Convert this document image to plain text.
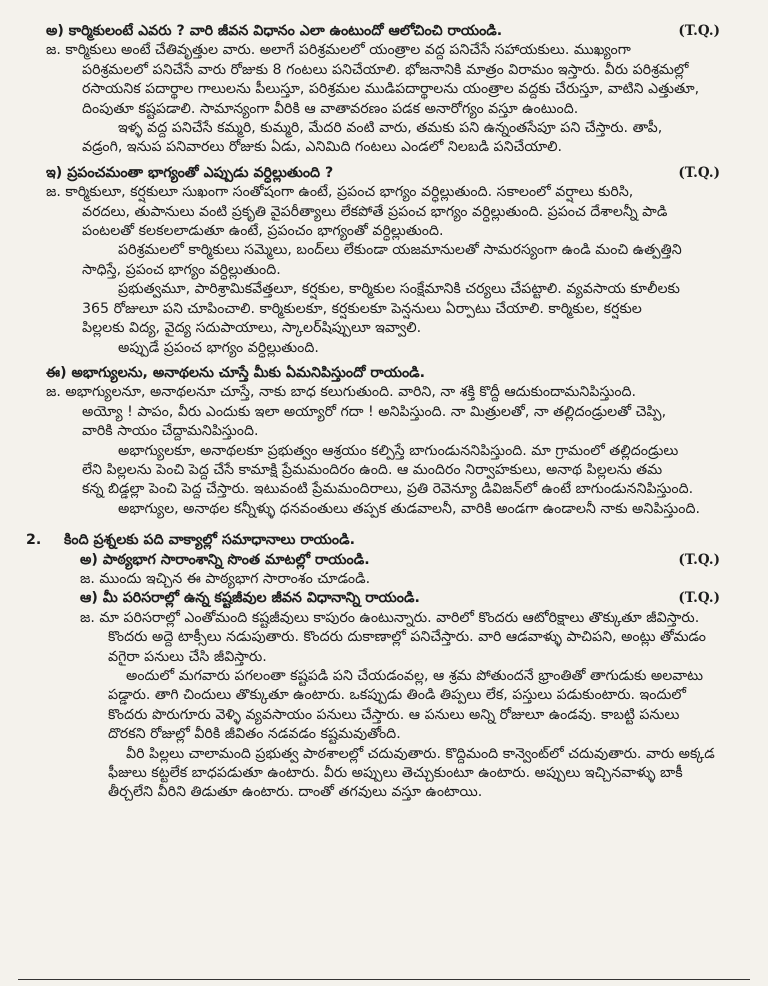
అ) కార్మికులంటే ఎవరు ? వారి జీవన విధానం ఎలా ఉంటుందో ఆలోచించి రాయండి.	(T.Q.)
జ. కార్మికులు అంటే చేతివృత్తుల వారు. అలాగే పరిశ్రమలలో యంత్రాల వద్ద పనిచేసే సహాయకులు. ముఖ్యంగా
పరిశ్రమలలో పనిచేసే వారు రోజుకు 8 గంటలు పనిచేయాలి. భోజనానికి మాత్రం విరామం ఇస్తారు. వీరు పరిశ్రమల్లో
రసాయనిక పదార్థాల గాలులను పీలుస్తూ, పరిశ్రమల ముడిపదార్థాలను యంత్రాల వద్దకు చేరుస్తూ, వాటిని ఎత్తుతూ,
దింపుతూ కష్టపడాలి. సామాన్యంగా వీరికి ఆ వాతావరణం పడక అనారోగ్యం వస్తూ ఉంటుంది.
ఇళ్ళ వద్ద పనిచేసే కమ్మరి, కుమ్మరి, మేదరి వంటి వారు, తమకు పని ఉన్నంతసేపూ పని చేస్తారు. తాపీ,
వడ్రంగి, ఇనుప పనివారలు రోజుకు ఏడు, ఎనిమిది గంటలు ఎండలో నిలబడి పనిచేయాలి.
ఇ) ప్రపంచమంతా భాగ్యంతో ఎప్పుడు వర్ధిల్లుతుంది ?	(T.Q.)
జ. కార్మికులూ, కర్షకులూ సుఖంగా సంతోషంగా ఉంటే, ప్రపంచ భాగ్యం వర్ధిల్లుతుంది. సకాలంలో వర్షాలు కురిసి,
వరదలు, తుపానులు వంటి ప్రకృతి వైపరీత్యాలు లేకపోతే ప్రపంచ భాగ్యం వర్ధిల్లుతుంది. ప్రపంచ దేశాలన్నీ పాడి
పంటలతో కలకలలాడుతూ ఉంటే, ప్రపంచం భాగ్యంతో వర్ధిల్లుతుంది.
పరిశ్రమలలో కార్మికులు సమ్మెలు, బంద్‌లు లేకుండా యజమానులతో సామరస్యంగా ఉండి మంచి ఉత్పత్తిని
సాధిస్తే, ప్రపంచ భాగ్యం వర్ధిల్లుతుంది.
ప్రభుత్వమూ, పారిశ్రామికవేత్తలూ, కర్షకుల, కార్మికుల సంక్షేమానికి చర్యలు చేపట్టాలి. వ్యవసాయ కూలీలకు
365 రోజులూ పని చూపించాలి. కార్మికులకూ, కర్షకులకూ పెన్షనులు ఏర్పాటు చేయాలి. కార్మికుల, కర్షకుల
పిల్లలకు విద్య, వైద్య సదుపాయాలు, స్కాలర్‌షిప్పులూ ఇవ్వాలి.
అప్పుడే ప్రపంచ భాగ్యం వర్ధిల్లుతుంది.
ఈ) అభాగ్యులను, అనాథలను చూస్తే మీకు ఏమనిపిస్తుందో రాయండి.
జ. అభాగ్యులనూ, అనాథలనూ చూస్తే, నాకు బాధ కలుగుతుంది. వారిని, నా శక్తి కొద్దీ ఆదుకుందామనిపిస్తుంది.
అయ్యో ! పాపం, వీరు ఎందుకు ఇలా అయ్యారో గదా ! అనిపిస్తుంది. నా మిత్రులతో, నా తల్లిదండ్రులతో చెప్పి,
వారికి సాయం చేద్దామనిపిస్తుంది.
అభాగ్యులకూ, అనాథలకూ ప్రభుత్వం ఆశ్రయం కల్పిస్తే బాగుండుననిపిస్తుంది. మా గ్రామంలో తల్లిదండ్రులు
లేని పిల్లలను పెంచి పెద్ద చేసే కామాక్షి ప్రేమమందిరం ఉంది. ఆ మందిరం నిర్వాహకులు, అనాథ పిల్లలను తమ
కన్న బిడ్డల్లా పెంచి పెద్ద చేస్తారు. ఇటువంటి ప్రేమమందిరాలు, ప్రతి రెవెన్యూ డివిజన్‌లో ఉంటే బాగుండుననిపిస్తుంది.
అభాగ్యుల, అనాథల కన్నీళ్ళు ధనవంతులు తప్పక తుడవాలనీ, వారికి అండగా ఉండాలనీ నాకు అనిపిస్తుంది.
2. కింది ప్రశ్నలకు పది వాక్యాల్లో సమాధానాలు రాయండి.
అ) పాఠ్యభాగ సారాంశాన్ని సొంత మాటల్లో రాయండి.	(T.Q.)
జ. ముందు ఇచ్చిన ఈ పాఠ్యభాగ సారాంశం చూడండి.
ఆ) మీ పరిసరాల్లో ఉన్న కష్టజీవుల జీవన విధానాన్ని రాయండి.	(T.Q.)
జ. మా పరిసరాల్లో ఎంతోమంది కష్టజీవులు కాపురం ఉంటున్నారు. వారిలో కొందరు ఆటోరిక్షాలు తొక్కుతూ జీవిస్తారు.
కొందరు అద్దె టాక్సీలు నడుపుతారు. కొందరు దుకాణాల్లో పనిచేస్తారు. వారి ఆడవాళ్ళు పాచిపని, అంట్లు తోమడం
వగైరా పనులు చేసి జీవిస్తారు.
అందులో మగవారు పగలంతా కష్టపడి పని చేయడంవల్ల, ఆ శ్రమ పోతుందనే భ్రాంతితో తాగుడుకు అలవాటు
పడ్డారు. తాగి చిందులు తొక్కుతూ ఉంటారు. ఒకప్పుడు తిండి తిప్పలు లేక, పస్తులు పడుకుంటారు. ఇందులో
కొందరు పొరుగూరు వెళ్ళి వ్యవసాయం పనులు చేస్తారు. ఆ పనులు అన్ని రోజులూ ఉండవు. కాబట్టి పనులు
దొరకని రోజుల్లో వీరికి జీవితం నడవడం కష్టమవుతోంది.
వీరి పిల్లలు చాలామంది ప్రభుత్వ పాఠశాలల్లో చదువుతారు. కొద్దిమంది కాన్వెంట్‌లో చదువుతారు. వారు అక్కడ
ఫీజులు కట్టలేక బాధపడుతూ ఉంటారు. వీరు అప్పులు తెచ్చుకుంటూ ఉంటారు. అప్పులు ఇచ్చినవాళ్ళు బాకీ
తీర్చలేని వీరిని తిడుతూ ఉంటారు. దాంతో తగవులు వస్తూ ఉంటాయి.
